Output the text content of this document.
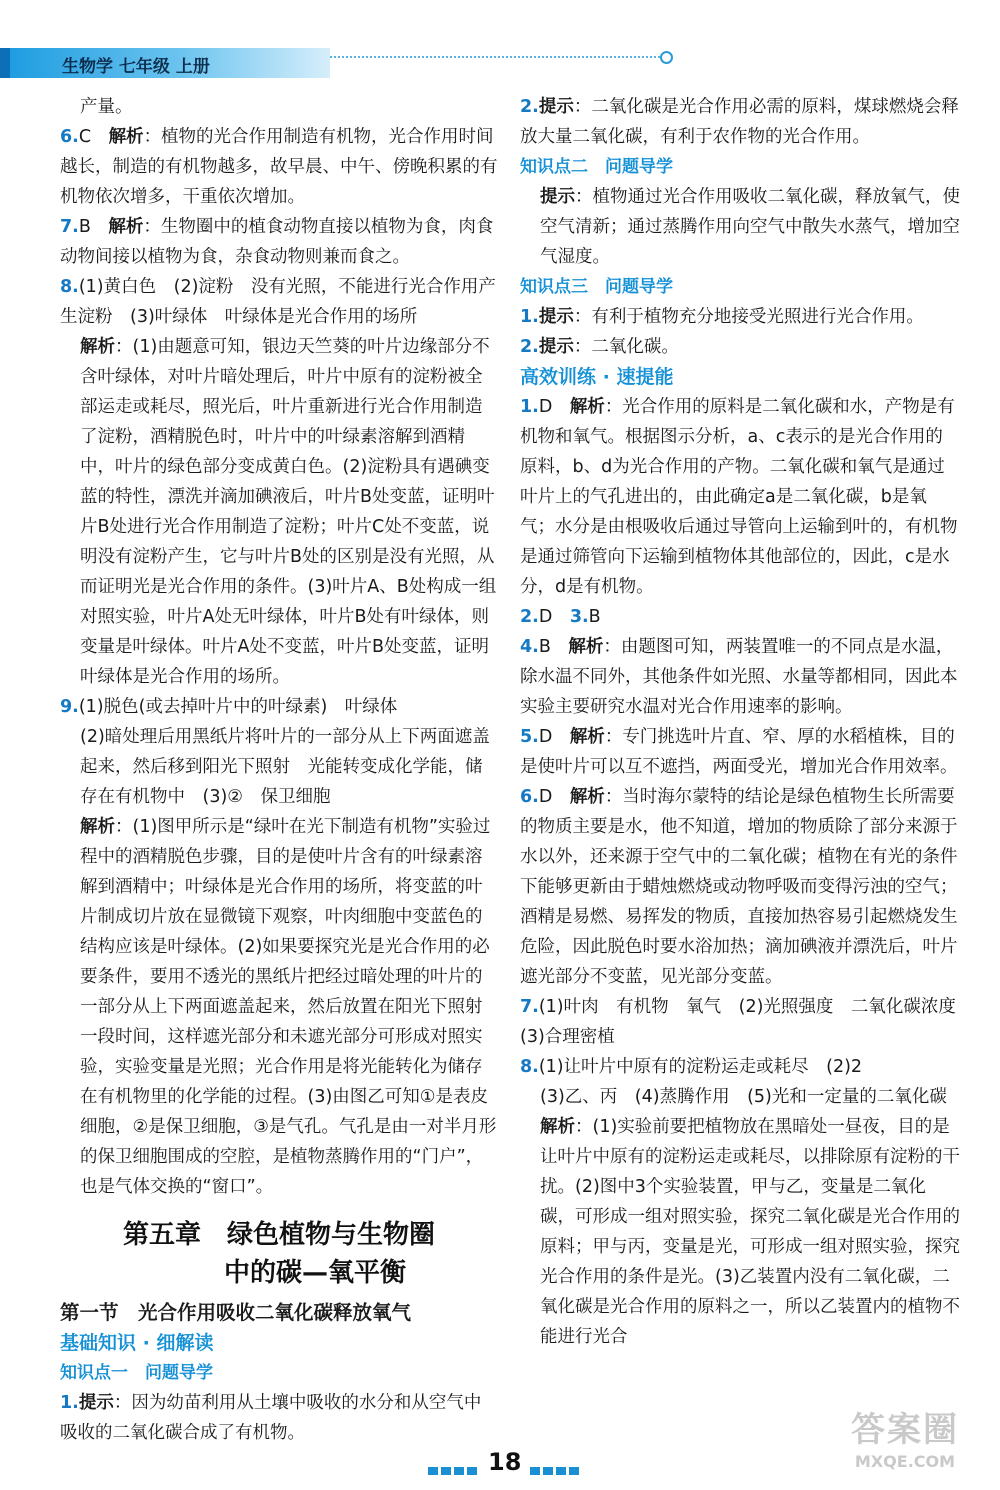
生物学 七年级 上册

产量。

6.C　 解析：植物的光合作用制造有机物，光合作用时间越长，制造的有机物越多，故早晨、中午、傍晚积累的有机物依次增多，干重依次增加。

7.B　 解析：生物圈中的植食动物直接以植物为食，肉食动物间接以植物为食，杂食动物则兼而食之。

8.(1)黄白色　(2)淀粉　没有光照，不能进行光合作用产生淀粉　(3)叶绿体　叶绿体是光合作用的场所

解析：(1)由题意可知，银边天竺葵的叶片边缘部分不含叶绿体，对叶片暗处理后，叶片中原有的淀粉被全部运走或耗尽，照光后，叶片重新进行光合作用制造了淀粉，酒精脱色时，叶片中的叶绿素溶解到酒精中，叶片的绿色部分变成黄白色。(2)淀粉具有遇碘变蓝的特性，漂洗并滴加碘液后，叶片B处变蓝，证明叶片B处进行光合作用制造了淀粉；叶片C处不变蓝，说明没有淀粉产生，它与叶片B处的区别是没有光照，从而证明光是光合作用的条件。(3)叶片A、B处构成一组对照实验，叶片A处无叶绿体，叶片B处有叶绿体，则变量是叶绿体。叶片A处不变蓝，叶片B处变蓝，证明叶绿体是光合作用的场所。

9.(1)脱色(或去掉叶片中的叶绿素)　叶绿体

(2)暗处理后用黑纸片将叶片的一部分从上下两面遮盖起来，然后移到阳光下照射　光能转变成化学能，储存在有机物中　(3)②　保卫细胞

解析：(1)图甲所示是“绿叶在光下制造有机物”实验过程中的酒精脱色步骤，目的是使叶片含有的叶绿素溶解到酒精中；叶绿体是光合作用的场所，将变蓝的叶片制成切片放在显微镜下观察，叶肉细胞中变蓝色的结构应该是叶绿体。(2)如果要探究光是光合作用的必要条件，要用不透光的黑纸片把经过暗处理的叶片的一部分从上下两面遮盖起来，然后放置在阳光下照射一段时间，这样遮光部分和未遮光部分可形成对照实验，实验变量是光照；光合作用是将光能转化为储存在有机物里的化学能的过程。(3)由图乙可知①是表皮细胞，②是保卫细胞，③是气孔。气孔是由一对半月形的保卫细胞围成的空腔，是植物蒸腾作用的“门户”，也是气体交换的“窗口”。

第五章　绿色植物与生物圈

中的碳—氧平衡

第一节　光合作用吸收二氧化碳释放氧气

基础知识 · 细解读

知识点一　问题导学

1.提示：因为幼苗利用从土壤中吸收的水分和从空气中吸收的二氧化碳合成了有机物。

2.提示：二氧化碳是光合作用必需的原料，煤球燃烧会释放大量二氧化碳，有利于农作物的光合作用。

知识点二　问题导学

提示：植物通过光合作用吸收二氧化碳，释放氧气，使空气清新；通过蒸腾作用向空气中散失水蒸气，增加空气湿度。

知识点三　问题导学

1.提示：有利于植物充分地接受光照进行光合作用。

2.提示：二氧化碳。

高效训练 · 速提能

1.D　 解析：光合作用的原料是二氧化碳和水，产物是有机物和氧气。根据图示分析，a、c表示的是光合作用的原料，b、d为光合作用的产物。二氧化碳和氧气是通过叶片上的气孔进出的，由此确定a是二氧化碳，b是氧气；水分是由根吸收后通过导管向上运输到叶的，有机物是通过筛管向下运输到植物体其他部位的，因此，c是水分，d是有机物。

2.D　 3.B

4.B　 解析：由题图可知，两装置唯一的不同点是水温，除水温不同外，其他条件如光照、水量等都相同，因此本实验主要研究水温对光合作用速率的影响。

5.D　 解析：专门挑选叶片直、窄、厚的水稻植株，目的是使叶片可以互不遮挡，两面受光，增加光合作用效率。

6.D　 解析：当时海尔蒙特的结论是绿色植物生长所需要的物质主要是水，他不知道，增加的物质除了部分来源于水以外，还来源于空气中的二氧化碳；植物在有光的条件下能够更新由于蜡烛燃烧或动物呼吸而变得污浊的空气；酒精是易燃、易挥发的物质，直接加热容易引起燃烧发生危险，因此脱色时要水浴加热；滴加碘液并漂洗后，叶片遮光部分不变蓝，见光部分变蓝。

7.(1)叶肉　有机物　氧气　(2)光照强度　二氧化碳浓度　(3)合理密植

8.(1)让叶片中原有的淀粉运走或耗尽　(2)2

(3)乙、丙　(4)蒸腾作用　(5)光和一定量的二氧化碳

解析：(1)实验前要把植物放在黑暗处一昼夜，目的是让叶片中原有的淀粉运走或耗尽，以排除原有淀粉的干扰。(2)图中3个实验装置，甲与乙，变量是二氧化碳，可形成一组对照实验，探究二氧化碳是光合作用的原料；甲与丙，变量是光，可形成一组对照实验，探究光合作用的条件是光。(3)乙装置内没有二氧化碳，二氧化碳是光合作用的原料之一，所以乙装置内的植物不能进行光合

18
答案圈
MXQE.COM
